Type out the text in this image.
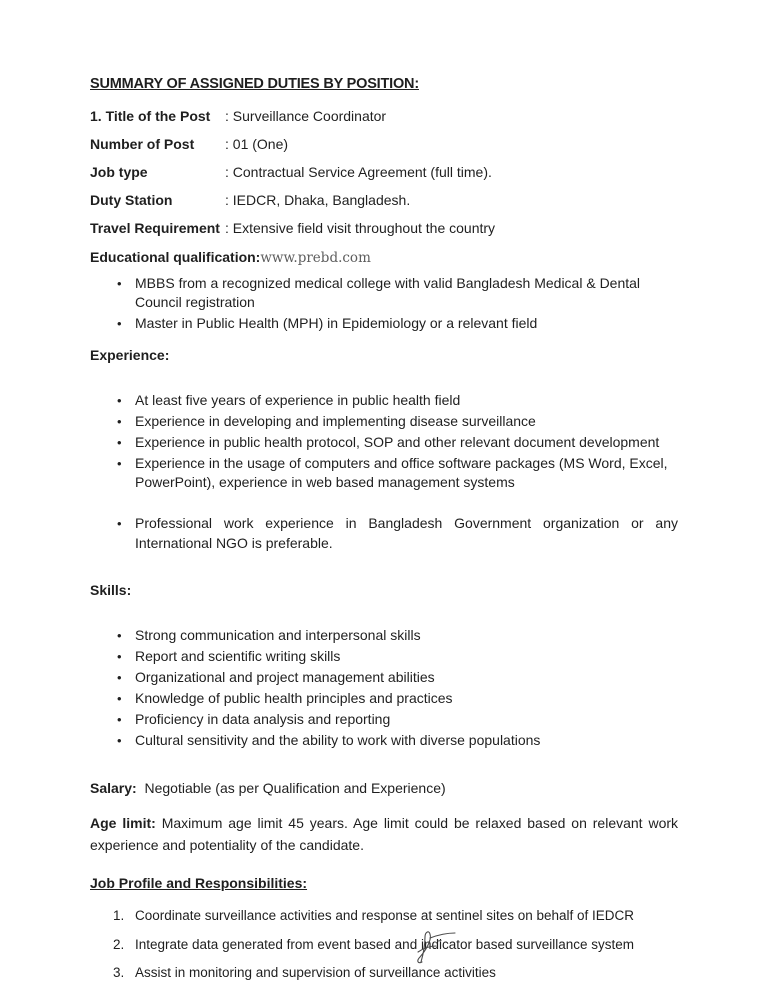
SUMMARY OF ASSIGNED DUTIES BY POSITION:
1. Title of the Post	: Surveillance Coordinator
Number of Post	: 01 (One)
Job type	: Contractual Service Agreement (full time).
Duty Station	: IEDCR, Dhaka, Bangladesh.
Travel Requirement : Extensive field visit throughout the country
Educational qualification:www.prebd.com
• MBBS from a recognized medical college with valid Bangladesh Medical & Dental Council registration
• Master in Public Health (MPH) in Epidemiology or a relevant field
Experience:
• At least five years of experience in public health field
• Experience in developing and implementing disease surveillance
• Experience in public health protocol, SOP and other relevant document development
• Experience in the usage of computers and office software packages (MS Word, Excel, PowerPoint), experience in web based management systems
• Professional work experience in Bangladesh Government organization or any International NGO is preferable.
Skills:
• Strong communication and interpersonal skills
• Report and scientific writing skills
• Organizational and project management abilities
• Knowledge of public health principles and practices
• Proficiency in data analysis and reporting
• Cultural sensitivity and the ability to work with diverse populations
Salary: Negotiable (as per Qualification and Experience)
Age limit: Maximum age limit 45 years. Age limit could be relaxed based on relevant work experience and potentiality of the candidate.
Job Profile and Responsibilities:
1. Coordinate surveillance activities and response at sentinel sites on behalf of IEDCR
2. Integrate data generated from event based and indicator based surveillance system
3. Assist in monitoring and supervision of surveillance activities
